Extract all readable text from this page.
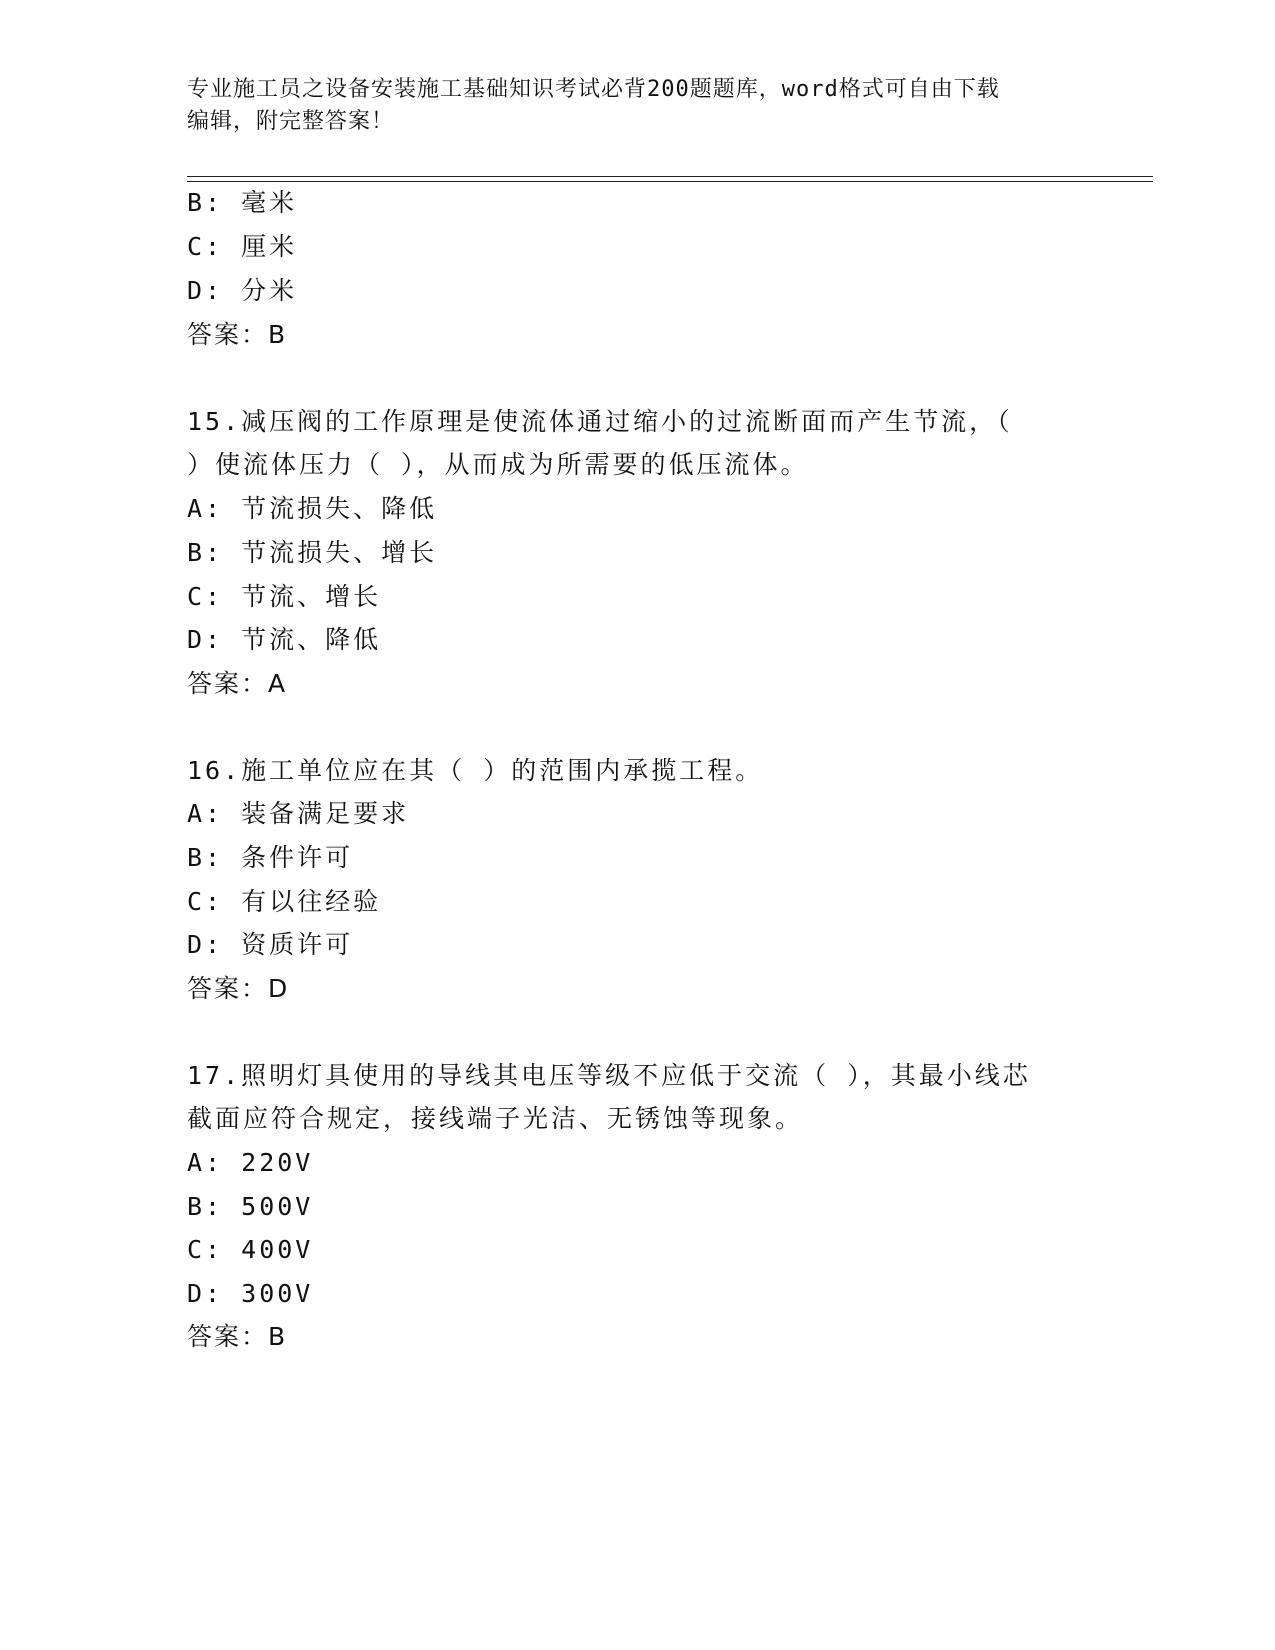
专业施工员之设备安装施工基础知识考试必背200题题库，word格式可自由下载
编辑，附完整答案！
B: 毫米
C: 厘米
D: 分米
答案：B
15.减压阀的工作原理是使流体通过缩小的过流断面而产生节流，（
）使流体压力（ ），从而成为所需要的低压流体。
A: 节流损失、降低
B: 节流损失、增长
C: 节流、增长
D: 节流、降低
答案：A
16.施工单位应在其（ ）的范围内承揽工程。
A: 装备满足要求
B: 条件许可
C: 有以往经验
D: 资质许可
答案：D
17.照明灯具使用的导线其电压等级不应低于交流（ ），其最小线芯
截面应符合规定，接线端子光洁、无锈蚀等现象。
A: 220V
B: 500V
C: 400V
D: 300V
答案：B
